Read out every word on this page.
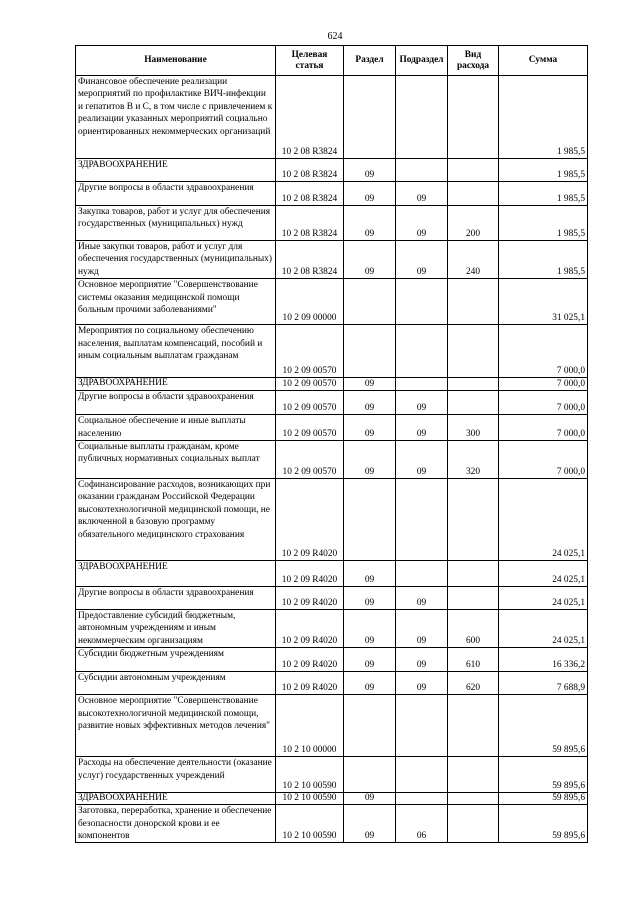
624
Наименование	Целевая статья	Раздел	Подраздел	Вид расхода	Сумма
Финансовое обеспечение реализации мероприятий по профилактике ВИЧ-инфекции и гепатитов В и С, в том числе с привлечением к реализации указанных мероприятий социально ориентированных некоммерческих организаций	10 2 08 R3824				1 985,5
ЗДРАВООХРАНЕНИЕ	10 2 08 R3824	09			1 985,5
Другие вопросы в области здравоохранения	10 2 08 R3824	09	09		1 985,5
Закупка товаров, работ и услуг для обеспечения государственных (муниципальных) нужд	10 2 08 R3824	09	09	200	1 985,5
Иные закупки товаров, работ и услуг для обеспечения государственных (муниципальных) нужд	10 2 08 R3824	09	09	240	1 985,5
Основное мероприятие "Совершенствование системы оказания медицинской помощи больным прочими заболеваниями"	10 2 09 00000				31 025,1
Мероприятия по социальному обеспечению населения, выплатам компенсаций, пособий и иным социальным выплатам гражданам	10 2 09 00570				7 000,0
ЗДРАВООХРАНЕНИЕ	10 2 09 00570	09			7 000,0
Другие вопросы в области здравоохранения	10 2 09 00570	09	09		7 000,0
Социальное обеспечение и иные выплаты населению	10 2 09 00570	09	09	300	7 000,0
Социальные выплаты гражданам, кроме публичных нормативных социальных выплат	10 2 09 00570	09	09	320	7 000,0
Софинансирование расходов, возникающих при оказании гражданам Российской Федерации высокотехнологичной медицинской помощи, не включенной в базовую программу обязательного медицинского страхования	10 2 09 R4020				24 025,1
ЗДРАВООХРАНЕНИЕ	10 2 09 R4020	09			24 025,1
Другие вопросы в области здравоохранения	10 2 09 R4020	09	09		24 025,1
Предоставление субсидий бюджетным, автономным учреждениям и иным некоммерческим организациям	10 2 09 R4020	09	09	600	24 025,1
Субсидии бюджетным учреждениям	10 2 09 R4020	09	09	610	16 336,2
Субсидии автономным учреждениям	10 2 09 R4020	09	09	620	7 688,9
Основное мероприятие "Совершенствование высокотехнологичной медицинской помощи, развитие новых эффективных методов лечения"	10 2 10 00000				59 895,6
Расходы на обеспечение деятельности (оказание услуг) государственных учреждений	10 2 10 00590				59 895,6
ЗДРАВООХРАНЕНИЕ	10 2 10 00590	09			59 895,6
Заготовка, переработка, хранение и обеспечение безопасности донорской крови и ее компонентов	10 2 10 00590	09	06		59 895,6
